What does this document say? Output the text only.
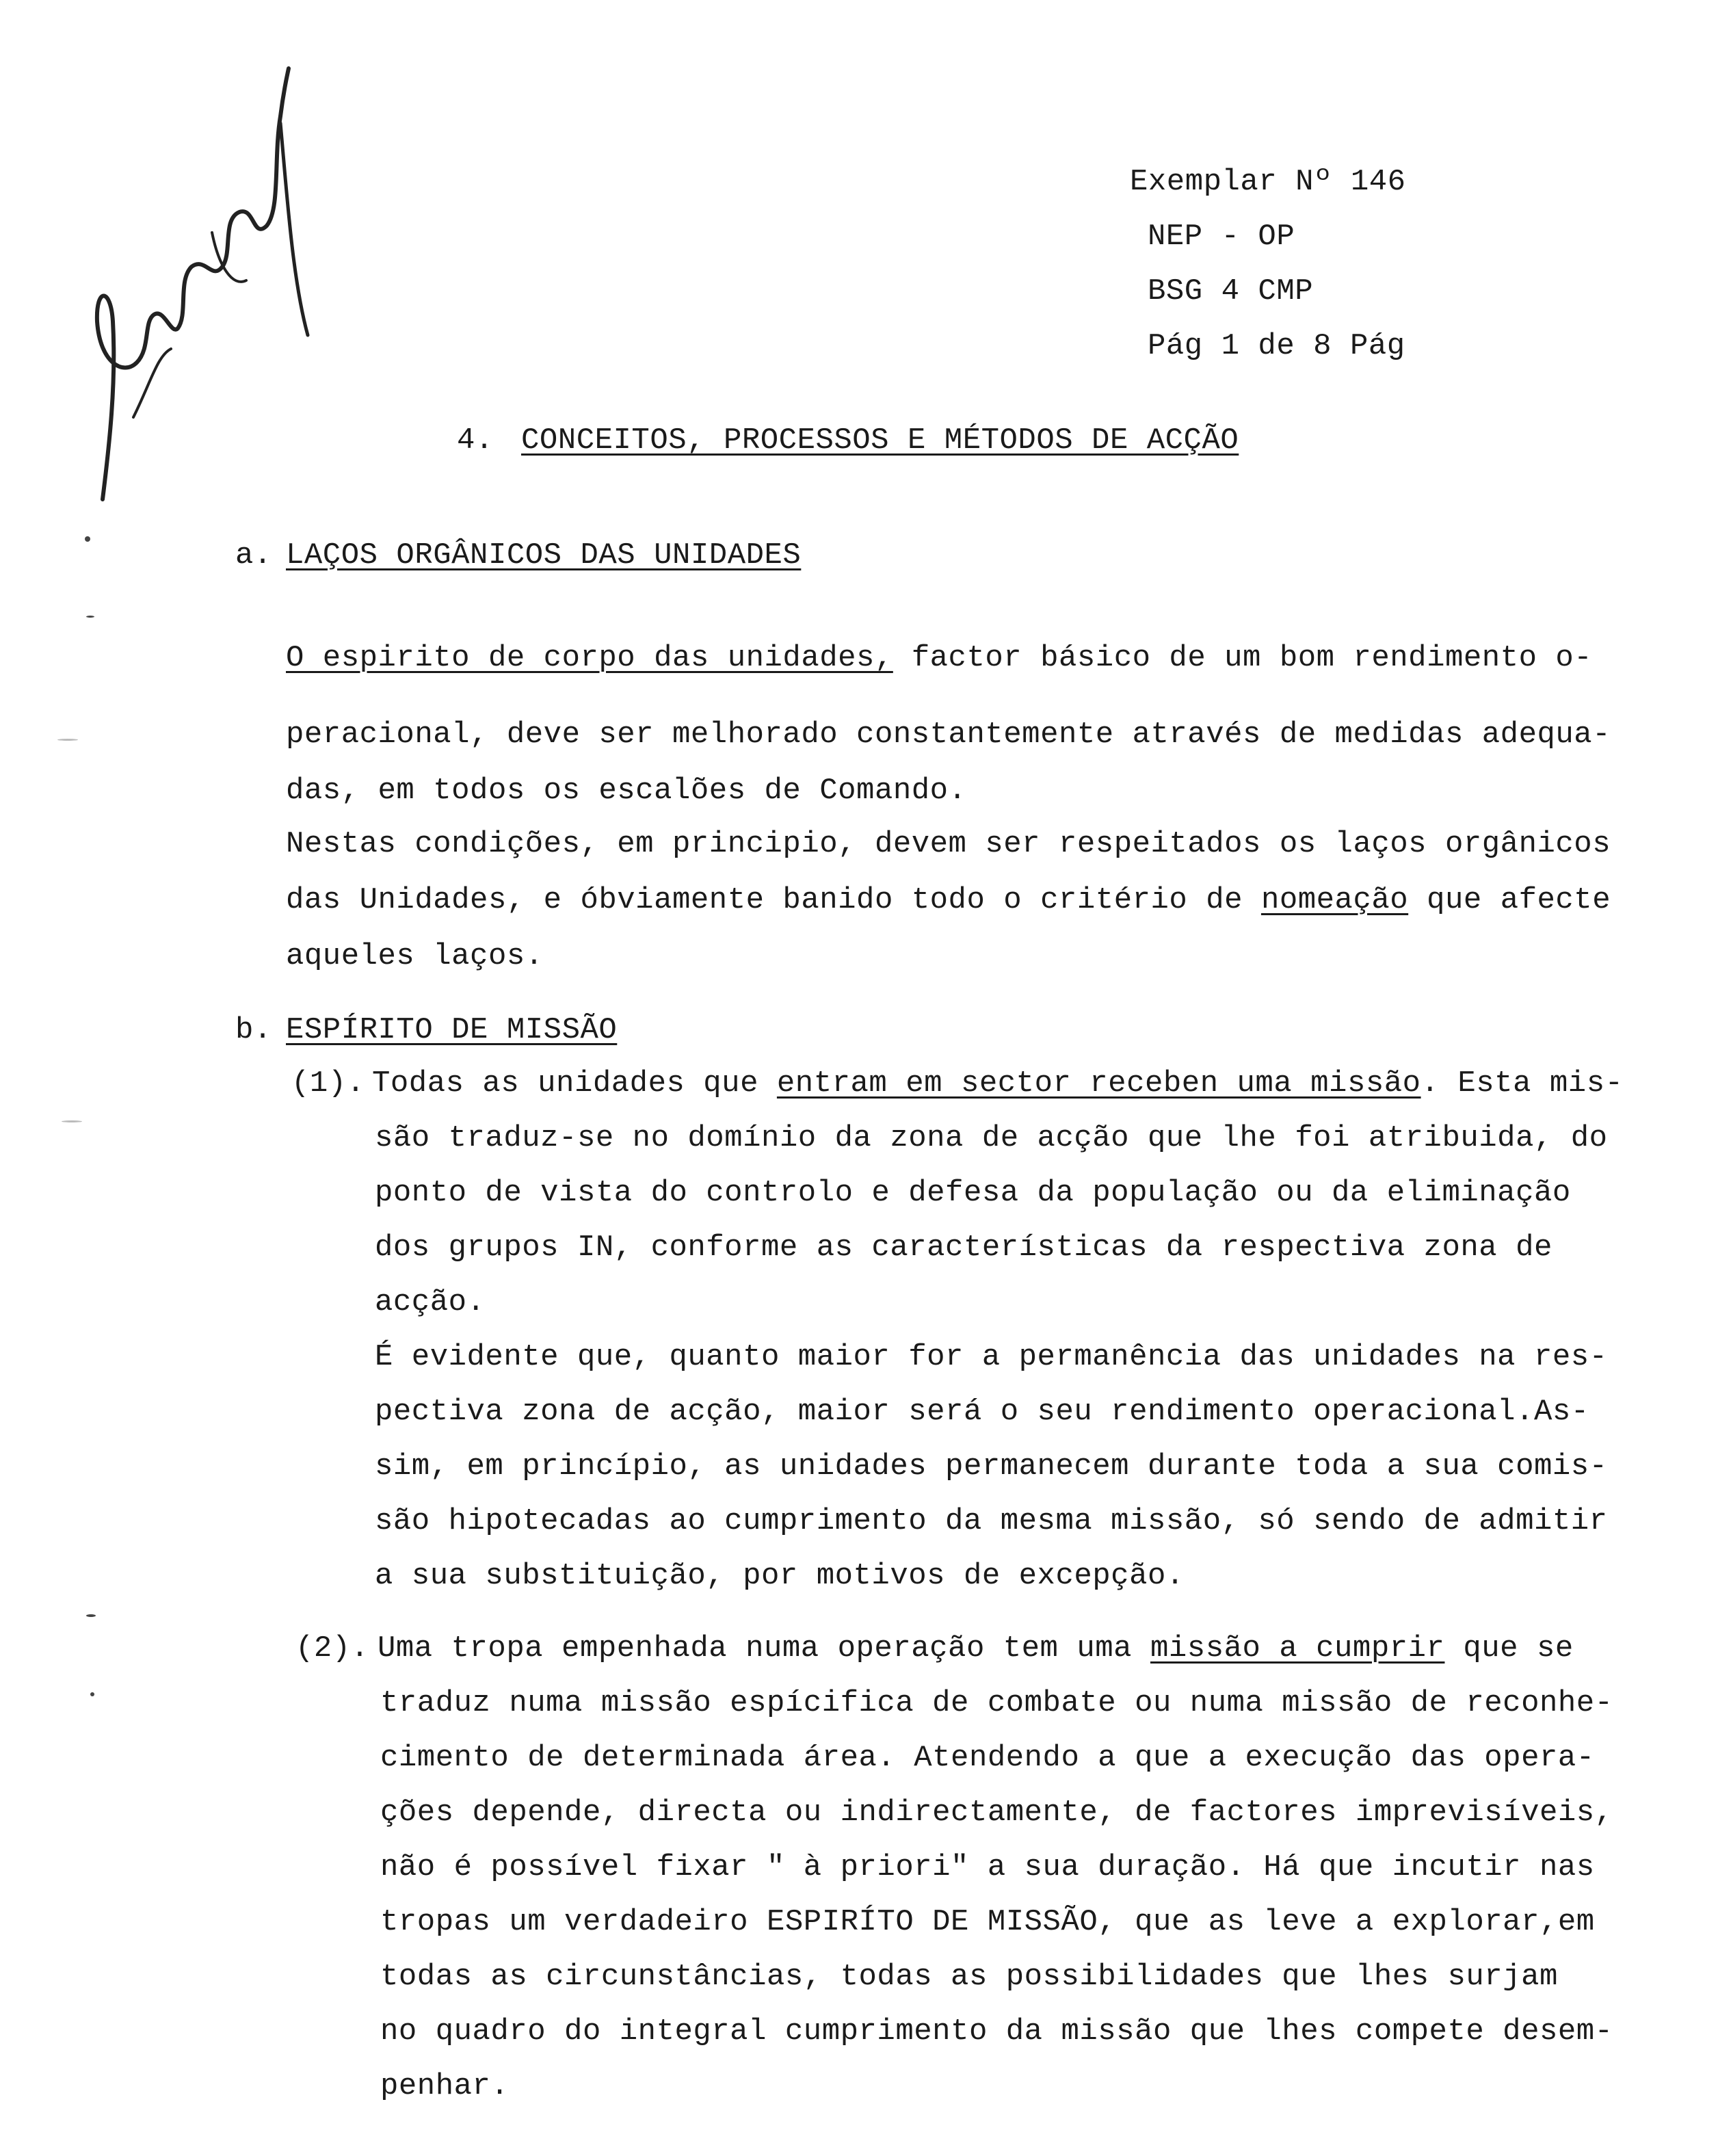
Exemplar Nº 146
NEP - OP
BSG 4 CMP
Pág 1 de 8 Pág
4. CONCEITOS, PROCESSOS E MÉTODOS DE ACÇÃO
a. LAÇOS ORGÂNICOS DAS UNIDADES
O espirito de corpo das unidades, factor básico de um bom rendimento o-
peracional, deve ser melhorado constantemente através de medidas adequa-
das, em todos os escalões de Comando.
Nestas condições, em principio, devem ser respeitados os laços orgânicos
das Unidades, e óbviamente banido todo o critério de nomeação que afecte
aqueles laços.
b. ESPÍRITO DE MISSÃO
(1). Todas as unidades que entram em sector receben uma missão. Esta mis-
são traduz-se no domínio da zona de acção que lhe foi atribuida, do
ponto de vista do controlo e defesa da população ou da eliminação
dos grupos IN, conforme as características da respectiva zona de
acção.
É evidente que, quanto maior for a permanência das unidades na res-
pectiva zona de acção, maior será o seu rendimento operacional.As-
sim, em princípio, as unidades permanecem durante toda a sua comis-
são hipotecadas ao cumprimento da mesma missão, só sendo de admitir
a sua substituição, por motivos de excepção.
(2). Uma tropa empenhada numa operação tem uma missão a cumprir que se
traduz numa missão espícifica de combate ou numa missão de reconhe-
cimento de determinada área. Atendendo a que a execução das opera-
ções depende, directa ou indirectamente, de factores imprevisíveis,
não é possível fixar " à priori" a sua duração. Há que incutir nas
tropas um verdadeiro ESPIRÍTO DE MISSÃO, que as leve a explorar,em
todas as circunstâncias, todas as possibilidades que lhes surjam
no quadro do integral cumprimento da missão que lhes compete desem-
penhar.
